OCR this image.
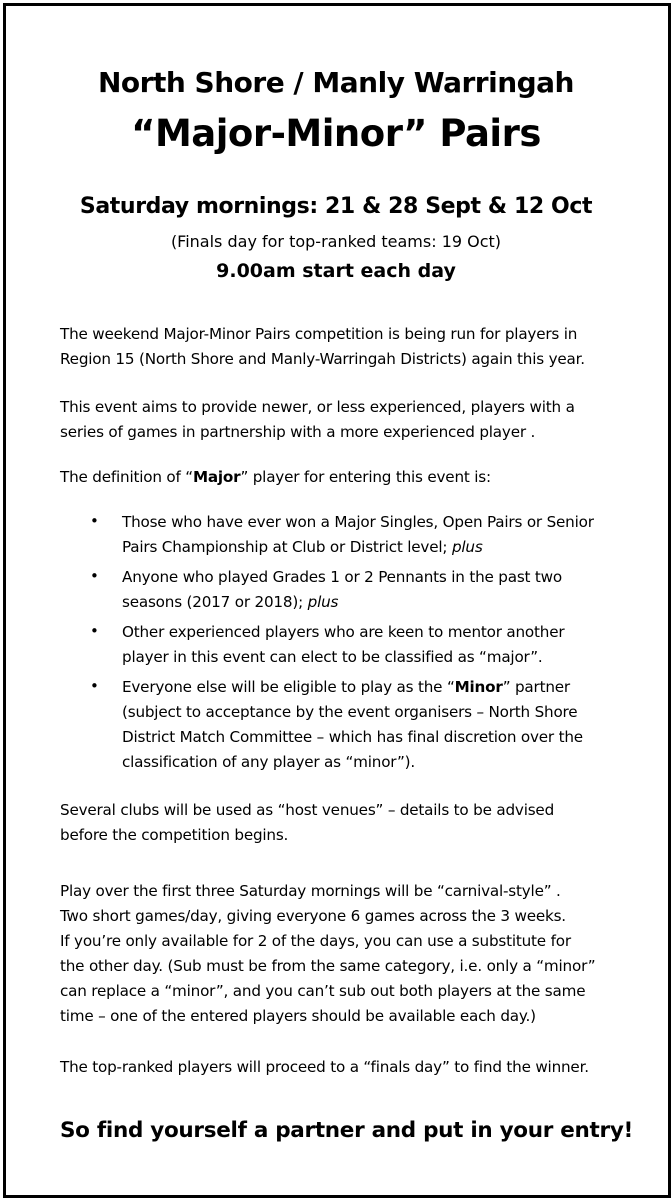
North Shore / Manly Warringah
“Major-Minor” Pairs
Saturday mornings: 21 & 28 Sept & 12 Oct
(Finals day for top-ranked teams: 19 Oct)
9.00am start each day
The weekend Major-Minor Pairs competition is being run for players in
Region 15 (North Shore and Manly-Warringah Districts) again this year.
This event aims to provide newer, or less experienced, players with a
series of games in partnership with a more experienced player .
The definition of “Major” player for entering this event is:
• Those who have ever won a Major Singles, Open Pairs or Senior
Pairs Championship at Club or District level; plus
• Anyone who played Grades 1 or 2 Pennants in the past two
seasons (2017 or 2018); plus
• Other experienced players who are keen to mentor another
player in this event can elect to be classified as “major”.
• Everyone else will be eligible to play as the “Minor” partner
(subject to acceptance by the event organisers – North Shore
District Match Committee – which has final discretion over the
classification of any player as “minor”).
Several clubs will be used as “host venues” – details to be advised
before the competition begins.
Play over the first three Saturday mornings will be “carnival-style” .
Two short games/day, giving everyone 6 games across the 3 weeks.
If you’re only available for 2 of the days, you can use a substitute for
the other day. (Sub must be from the same category, i.e. only a “minor”
can replace a “minor”, and you can’t sub out both players at the same
time – one of the entered players should be available each day.)
The top-ranked players will proceed to a “finals day” to find the winner.
So find yourself a partner and put in your entry!
